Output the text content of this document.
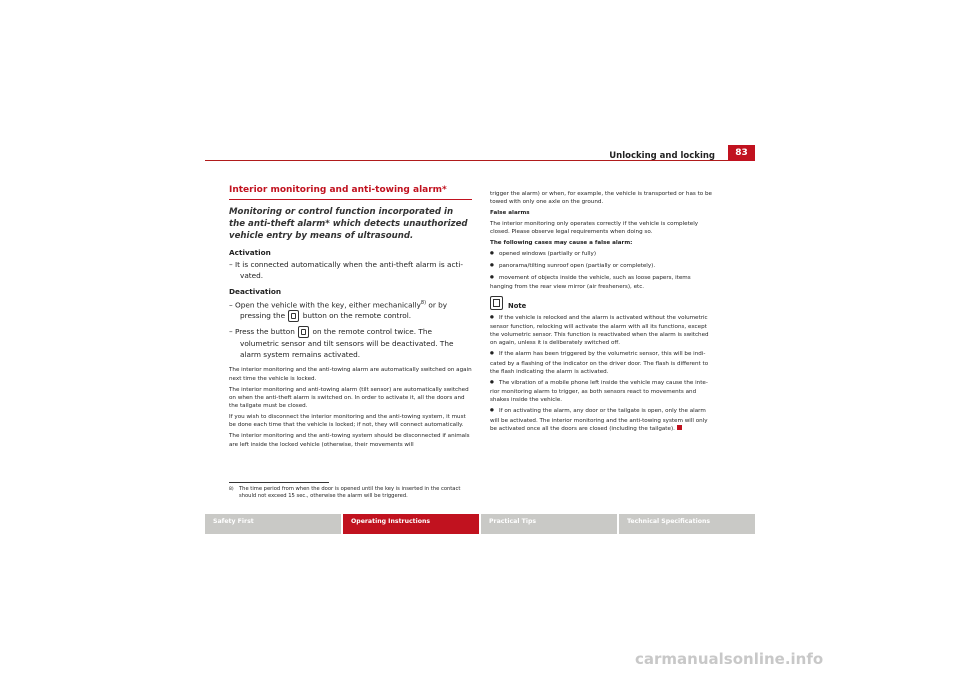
Unlocking and locking	83
Interior monitoring and anti-towing alarm*

Monitoring or control function incorporated in the anti-theft alarm* which detects unauthorized vehicle entry by means of ultrasound.

Activation

– It is connected automatically when the anti-theft alarm is acti-vated.

Deactivation

– Open the vehicle with the key, either mechanically$^{8)}$ or by pressing the  button on the remote control.

– Press the button  on the remote control twice. The volumetric sensor and tilt sensors will be deactivated. The alarm system remains activated.

The interior monitoring and the anti-towing alarm are automatically switched on again next time the vehicle is locked.

The interior monitoring and anti-towing alarm (tilt sensor) are automatically switched on when the anti-theft alarm is switched on. In order to activate it, all the doors and the tailgate must be closed.

If you wish to disconnect the interior monitoring and the anti-towing system, it must be done each time that the vehicle is locked; if not, they will connect automatically.

The interior monitoring and the anti-towing system should be disconnected if animals are left inside the locked vehicle (otherwise, their movements will

8) The time period from when the door is opened until the key is inserted in the contact should not exceed 15 sec., otherwise the alarm will be triggered.

trigger the alarm) or when, for example, the vehicle is transported or has to be towed with only one axle on the ground.

False alarms

The interior monitoring only operates correctly if the vehicle is completely closed. Please observe legal requirements when doing so.

The following cases may cause a false alarm:

● opened windows (partially or fully)

● panorama/tilting sunroof open (partially or completely).

● movement of objects inside the vehicle, such as loose papers, items hanging from the rear view mirror (air fresheners), etc.

Note

● If the vehicle is relocked and the alarm is activated without the volumetric sensor function, relocking will activate the alarm with all its functions, except the volumetric sensor. This function is reactivated when the alarm is switched on again, unless it is deliberately switched off.

● If the alarm has been triggered by the volumetric sensor, this will be indi-cated by a flashing of the indicator on the driver door. The flash is different to the flash indicating the alarm is activated.

● The vibration of a mobile phone left inside the vehicle may cause the inte-rior monitoring alarm to trigger, as both sensors react to movements and shakes inside the vehicle.

● If on activating the alarm, any door or the tailgate is open, only the alarm will be activated. The interior monitoring and the anti-towing system will only be activated once all the doors are closed (including the tailgate).

Safety First	Operating Instructions	Practical Tips	Technical Specifications
carmanualsonline.info
